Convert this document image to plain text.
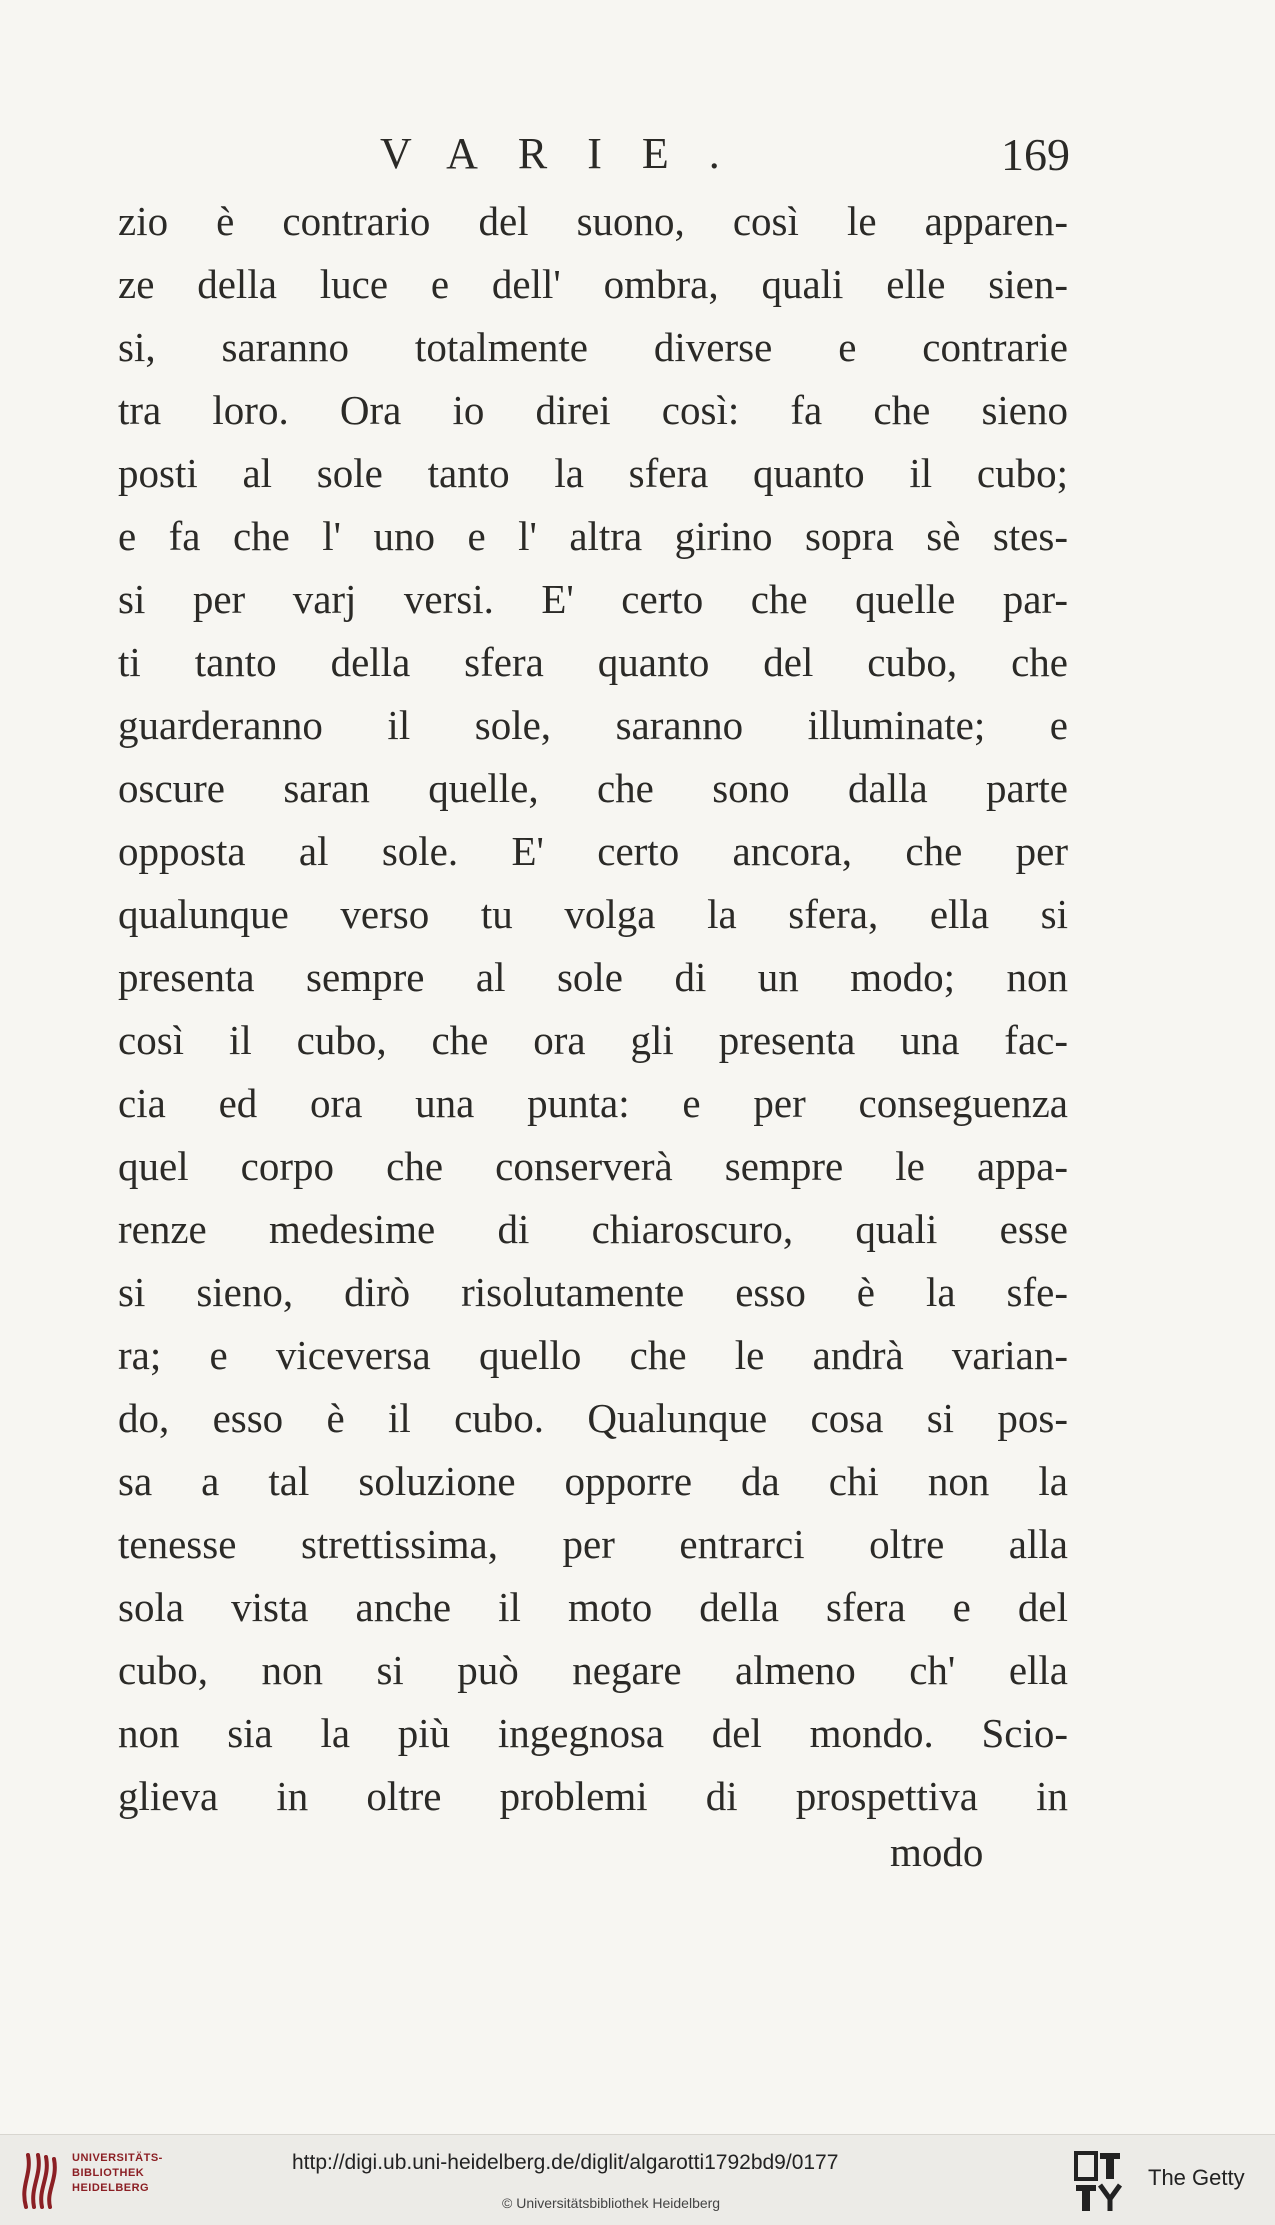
VARIE.	169
zio è contrario del suono, così le apparen-
ze della luce e dell' ombra, quali elle sien-
si, saranno totalmente diverse e contrarie
tra loro. Ora io direi così: fa che sieno
posti al sole tanto la sfera quanto il cubo;
e fa che l' uno e l' altra girino sopra sè stes-
si per varj versi. E' certo che quelle par-
ti tanto della sfera quanto del cubo, che
guarderanno il sole, saranno illuminate; e
oscure saran quelle, che sono dalla parte
opposta al sole. E' certo ancora, che per
qualunque verso tu volga la sfera, ella si
presenta sempre al sole di un modo; non
così il cubo, che ora gli presenta una fac-
cia ed ora una punta: e per conseguenza
quel corpo che conserverà sempre le appa-
renze medesime di chiaroscuro, quali esse
si sieno, dirò risolutamente esso è la sfe-
ra; e viceversa quello che le andrà varian-
do, esso è il cubo. Qualunque cosa si pos-
sa a tal soluzione opporre da chi non la
tenesse strettissima, per entrarci oltre alla
sola vista anche il moto della sfera e del
cubo, non si può negare almeno ch' ella
non sia la più ingegnosa del mondo. Scio-
glieva in oltre problemi di prospettiva in
modo
UNIVERSITÄTS-
BIBLIOTHEK
HEIDELBERG
http://digi.ub.uni-heidelberg.de/diglit/algarotti1792bd9/0177
© Universitätsbibliothek Heidelberg
The Getty
